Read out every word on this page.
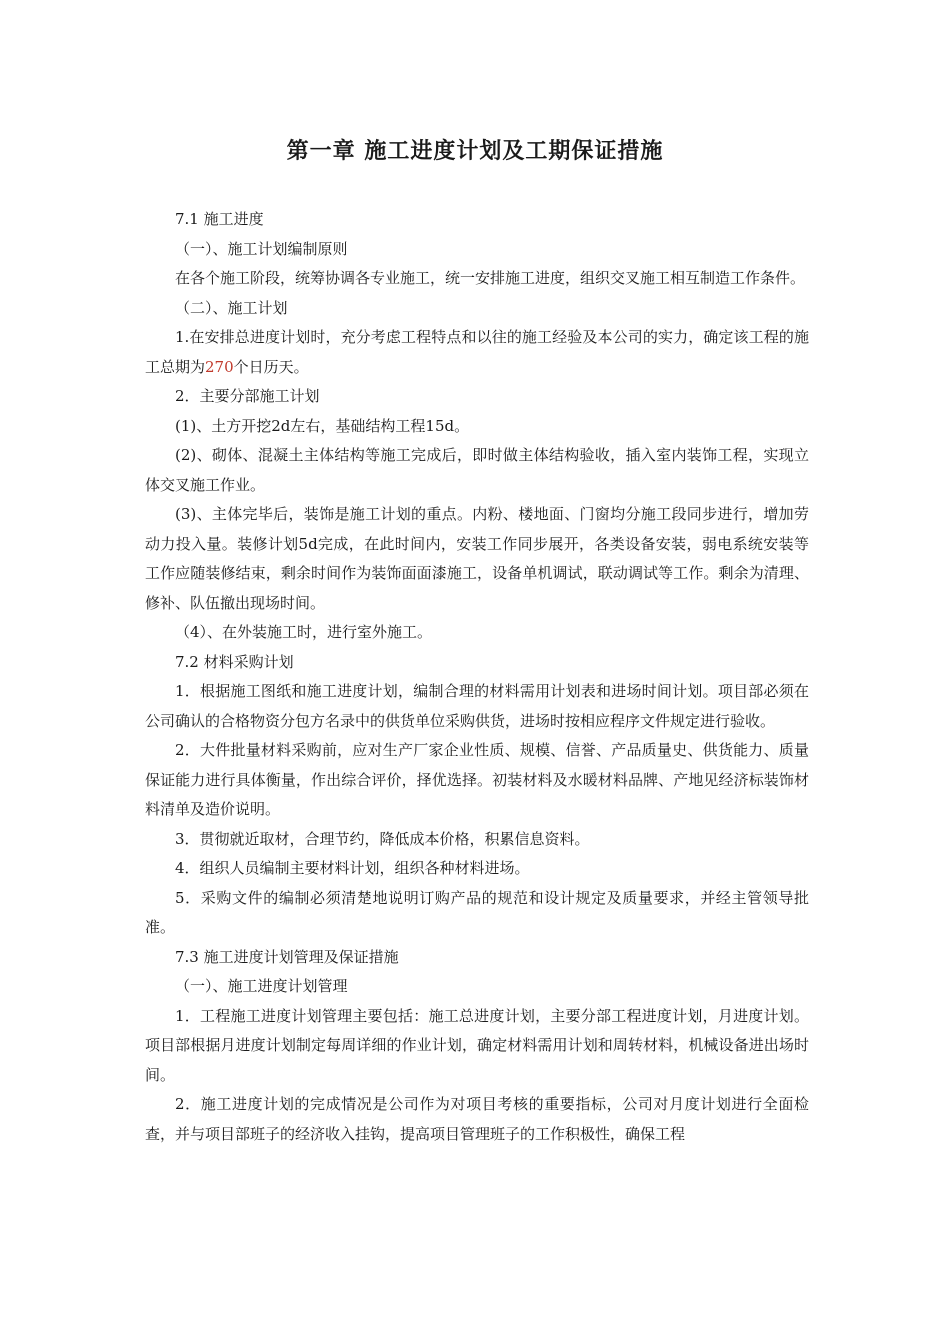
第一章 施工进度计划及工期保证措施

7.1 施工进度

（一）、施工计划编制原则

在各个施工阶段，统筹协调各专业施工，统一安排施工进度，组织交叉施工相互制造工作条件。

（二）、施工计划

1.在安排总进度计划时，充分考虑工程特点和以往的施工经验及本公司的实力，确定该工程的施工总期为270个日历天。

2．主要分部施工计划

(1)、土方开挖2d左右，基础结构工程15d。

(2)、砌体、混凝土主体结构等施工完成后，即时做主体结构验收，插入室内装饰工程，实现立体交叉施工作业。

(3)、主体完毕后，装饰是施工计划的重点。内粉、楼地面、门窗均分施工段同步进行，增加劳动力投入量。装修计划5d完成，在此时间内，安装工作同步展开，各类设备安装，弱电系统安装等工作应随装修结束，剩余时间作为装饰面面漆施工，设备单机调试，联动调试等工作。剩余为清理、修补、队伍撤出现场时间。

（4）、在外装施工时，进行室外施工。

7.2 材料采购计划

1．根据施工图纸和施工进度计划，编制合理的材料需用计划表和进场时间计划。项目部必须在公司确认的合格物资分包方名录中的供货单位采购供货，进场时按相应程序文件规定进行验收。

2．大件批量材料采购前，应对生产厂家企业性质、规模、信誉、产品质量史、供货能力、质量保证能力进行具体衡量，作出综合评价，择优选择。初装材料及水暖材料品牌、产地见经济标装饰材料清单及造价说明。

3．贯彻就近取材，合理节约，降低成本价格，积累信息资料。

4．组织人员编制主要材料计划，组织各种材料进场。

5．采购文件的编制必须清楚地说明订购产品的规范和设计规定及质量要求，并经主管领导批准。

7.3 施工进度计划管理及保证措施

（一）、施工进度计划管理

1．工程施工进度计划管理主要包括：施工总进度计划，主要分部工程进度计划，月进度计划。项目部根据月进度计划制定每周详细的作业计划，确定材料需用计划和周转材料，机械设备进出场时间。

2．施工进度计划的完成情况是公司作为对项目考核的重要指标，公司对月度计划进行全面检查，并与项目部班子的经济收入挂钩，提高项目管理班子的工作积极性，确保工程
